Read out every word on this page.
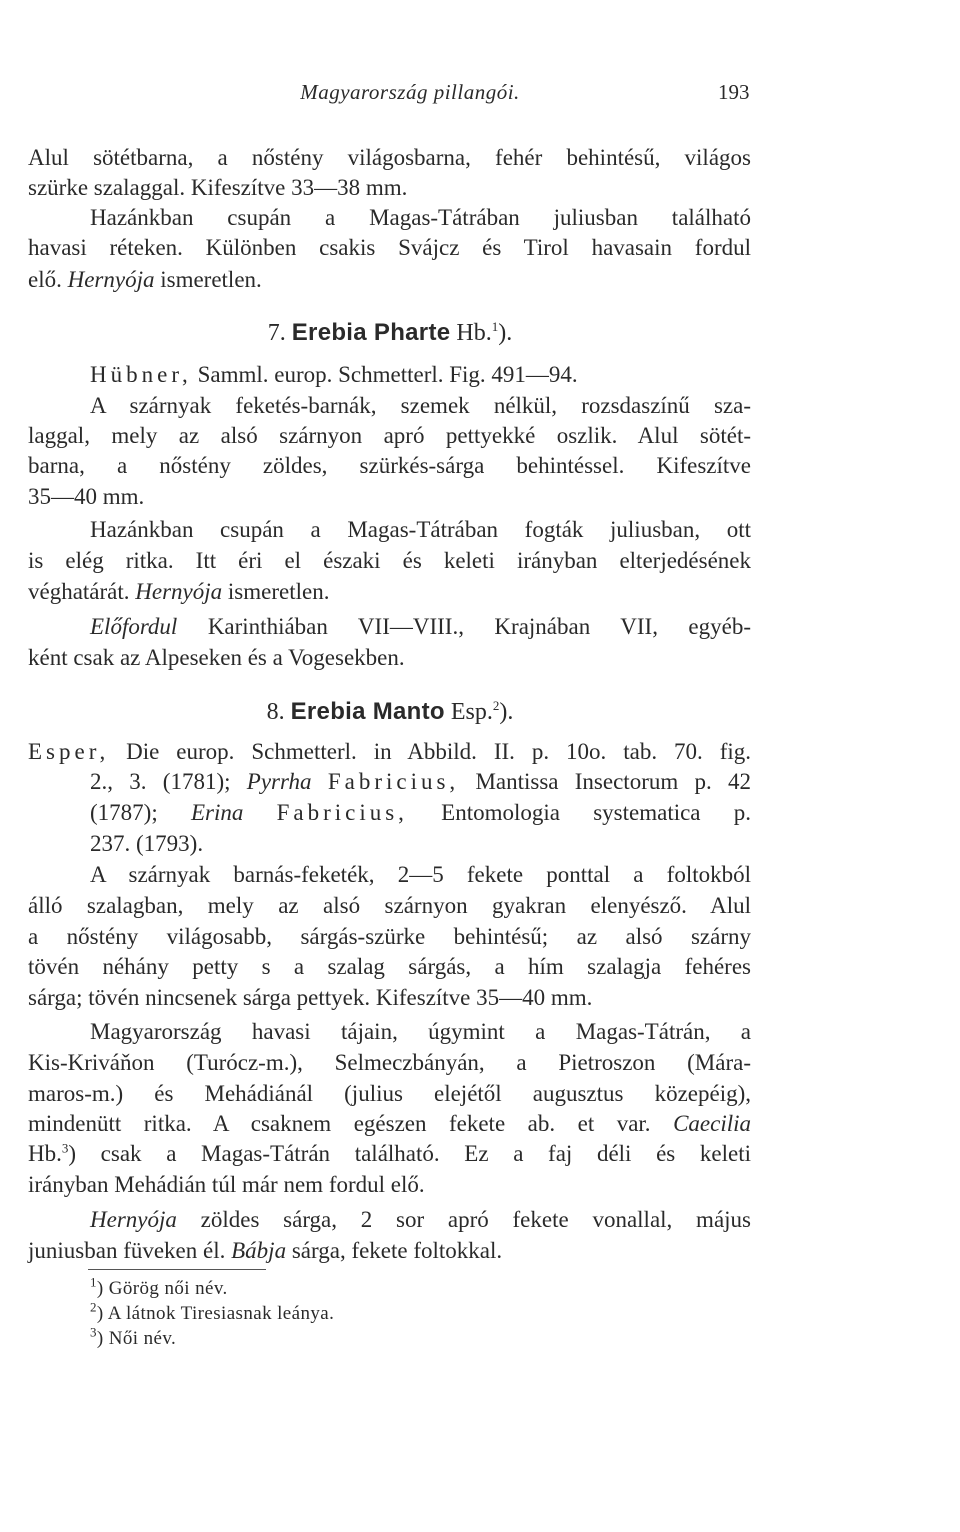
Magyarország pillangói.	193
Alul sötétbarna, a nőstény világosbarna, fehér behintésű, világos
szürke szalaggal. Kifeszítve 33—38 mm.
Hazánkban csupán a Magas-Tátrában juliusban található
havasi réteken. Különben csakis Svájcz és Tirol havasain fordul
elő. Hernyója ismeretlen.
7. Erebia Pharte Hb.$^1$).
Hübner, Samml. europ. Schmetterl. Fig. 491—94.
A szárnyak feketés-barnák, szemek nélkül, rozsdaszínű sza-
laggal, mely az alsó szárnyon apró pettyekké oszlik. Alul sötét-
barna, a nőstény zöldes, szürkés-sárga behintéssel. Kifeszítve
35—40 mm.
Hazánkban csupán a Magas-Tátrában fogták juliusban, ott
is elég ritka. Itt éri el északi és keleti irányban elterjedésének
véghatárát. Hernyója ismeretlen.
Előfordul Karinthiában VII—VIII., Krajnában VII, egyéb-
ként csak az Alpeseken és a Vogesekben.
8. Erebia Manto Esp.$^2$).
Esper, Die europ. Schmetterl. in Abbild. II. p. 10o. tab. 70. fig.
2., 3. (1781); Pyrrha Fabricius, Mantissa Insectorum p. 42
(1787); Erina Fabricius, Entomologia systematica p.
237. (1793).
A szárnyak barnás-feketék, 2—5 fekete ponttal a foltokból
álló szalagban, mely az alsó szárnyon gyakran elenyésző. Alul
a nőstény világosabb, sárgás-szürke behintésű; az alsó szárny
tövén néhány petty s a szalag sárgás, a hím szalagja fehéres
sárga; tövén nincsenek sárga pettyek. Kifeszítve 35—40 mm.
Magyarország havasi tájain, úgymint a Magas-Tátrán, a
Kis-Kriváňon (Turócz-m.), Selmeczbányán, a Pietroszon (Mára-
maros-m.) és Mehádiánál (julius elejétől augusztus közepéig),
mindenütt ritka. A csaknem egészen fekete ab. et var. Caecilia
Hb.$^3$) csak a Magas-Tátrán található. Ez a faj déli és keleti
irányban Mehádián túl már nem fordul elő.
Hernyója zöldes sárga, 2 sor apró fekete vonallal, május
juniusban füveken él. Bábja sárga, fekete foltokkal.
$^1$) Görög női név.
$^2$) A látnok Tiresiasnak leánya.
$^3$) Női név.
